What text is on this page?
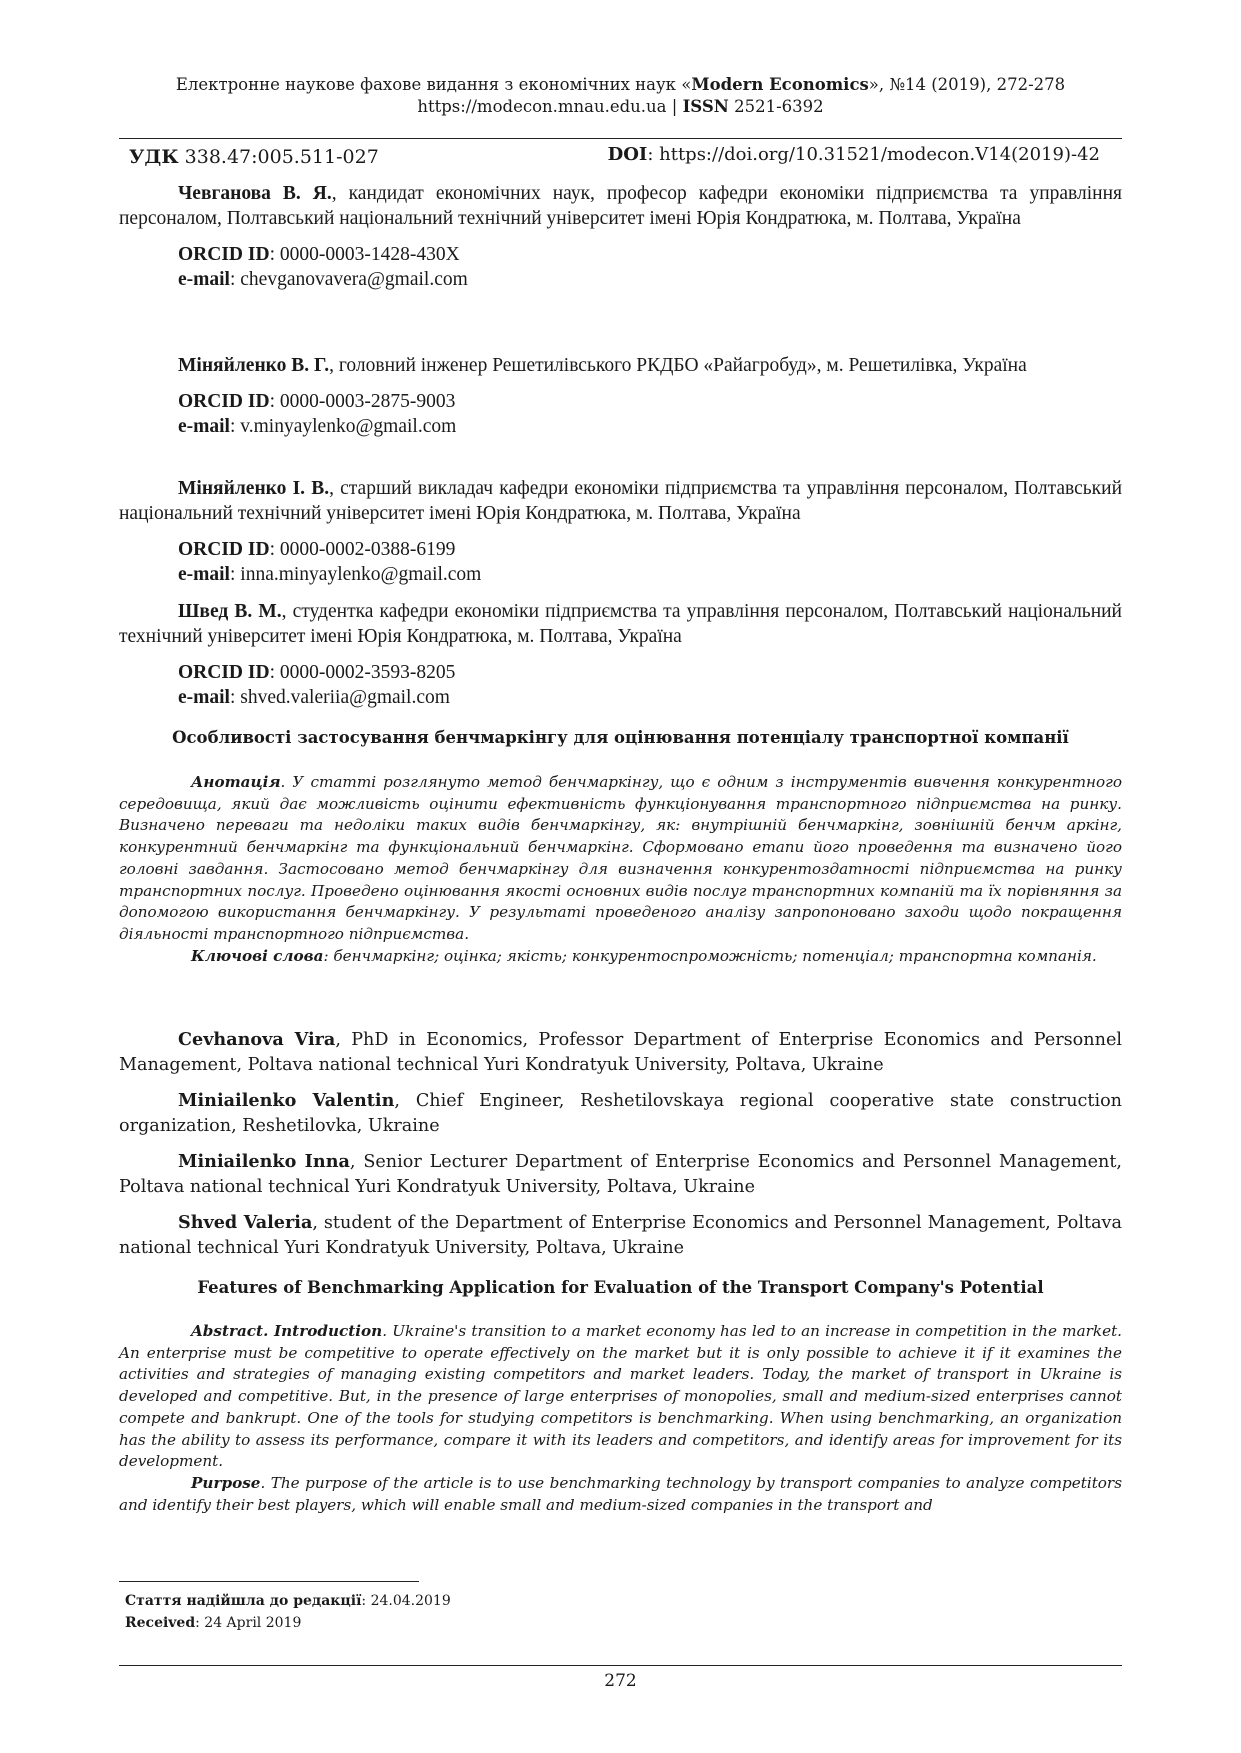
Електронне наукове фахове видання з економічних наук «Modern Economics», №14 (2019), 272-278
https://modecon.mnau.edu.ua | ISSN 2521-6392
УДК 338.47:005.511-027	DOI: https://doi.org/10.31521/modecon.V14(2019)-42

Чевганова В. Я., кандидат економічних наук, професор кафедри економіки підприємства та управління персоналом, Полтавський національний технічний університет імені Юрія Кондратюка, м. Полтава, Україна

ORCID ID: 0000-0003-1428-430X

e-mail: chevganovavera@gmail.com

Міняйленко В. Г., головний інженер Решетилівського РКДБО «Райагробуд», м. Решетилівка, Україна

ORCID ID: 0000-0003-2875-9003

e-mail: v.minyaylenko@gmail.com

Міняйленко І. В., старший викладач кафедри економіки підприємства та управління персоналом, Полтавський національний технічний університет імені Юрія Кондратюка, м. Полтава, Україна

ORCID ID: 0000-0002-0388-6199

e-mail: inna.minyaylenko@gmail.com

Швед В. М., студентка кафедри економіки підприємства та управління персоналом, Полтавський національний технічний університет імені Юрія Кондратюка, м. Полтава, Україна

ORCID ID: 0000-0002-3593-8205

e-mail: shved.valeriia@gmail.com

Особливості застосування бенчмаркінгу для оцінювання потенціалу транспортної компанії

Анотація. У статті розглянуто метод бенчмаркінгу, що є одним з інструментів вивчення конкурентного середовища, який дає можливість оцінити ефективність функціонування транспортного підприємства на ринку. Визначено переваги та недоліки таких видів бенчмаркінгу, як: внутрішній бенчмаркінг, зовнішній бенчм аркінг, конкурентний бенчмаркінг та функціональний бенчмаркінг. Сформовано етапи його проведення та визначено його головні завдання. Застосовано метод бенчмаркінгу для визначення конкурентоздатності підприємства на ринку транспортних послуг. Проведено оцінювання якості основних видів послуг транспортних компаній та їх порівняння за допомогою використання бенчмаркінгу. У результаті проведеного аналізу запропоновано заходи щодо покращення діяльності транспортного підприємства.

Ключові слова: бенчмаркінг; оцінка; якість; конкурентоспроможність; потенціал; транспортна компанія.

Cevhanova Vira, PhD in Economics, Professor Department of Enterprise Economics and Personnel Management, Poltava national technical Yuri Kondratyuk University, Poltava, Ukraine

Miniailenko Valentin, Chief Engineer, Reshetilovskaya regional cooperative state construction organization, Reshetilovka, Ukraine

Miniailenko Inna, Senior Lecturer Department of Enterprise Economics and Personnel Management, Poltava national technical Yuri Kondratyuk University, Poltava, Ukraine

Shved Valeria, student of the Department of Enterprise Economics and Personnel Management, Poltava national technical Yuri Kondratyuk University, Poltava, Ukraine

Features of Benchmarking Application for Evaluation of the Transport Company's Potential

Abstract. Introduction. Ukraine's transition to a market economy has led to an increase in competition in the market. An enterprise must be competitive to operate effectively on the market but it is only possible to achieve it if it examines the activities and strategies of managing existing competitors and market leaders. Today, the market of transport in Ukraine is developed and competitive. But, in the presence of large enterprises of monopolies, small and medium-sized enterprises cannot compete and bankrupt. One of the tools for studying competitors is benchmarking. When using benchmarking, an organization has the ability to assess its performance, compare it with its leaders and competitors, and identify areas for improvement for its development.

Purpose. The purpose of the article is to use benchmarking technology by transport companies to analyze competitors and identify their best players, which will enable small and medium-sized companies in the transport and

Стаття надійшла до редакції: 24.04.2019
Received: 24 April 2019
272
